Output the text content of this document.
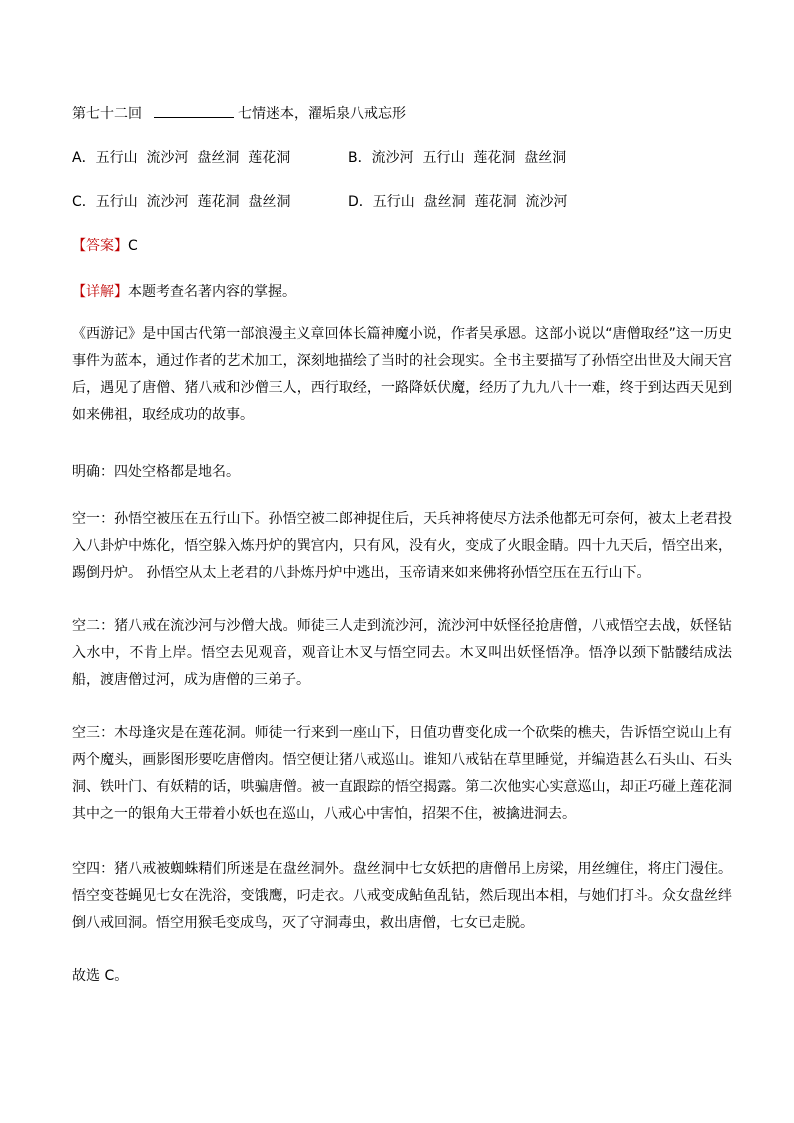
第七十二回	七情迷本，濯垢泉八戒忘形
A．五行山  流沙河  盘丝洞  莲花洞	B．流沙河  五行山  莲花洞  盘丝洞
C．五行山  流沙河  莲花洞  盘丝洞	D．五行山  盘丝洞  莲花洞  流沙河
【答案】C
【详解】本题考查名著内容的掌握。
《西游记》是中国古代第一部浪漫主义章回体长篇神魔小说，作者吴承恩。这部小说以“唐僧取经”这一历史事件为蓝本，通过作者的艺术加工，深刻地描绘了当时的社会现实。全书主要描写了孙悟空出世及大闹天宫后，遇见了唐僧、猪八戒和沙僧三人，西行取经，一路降妖伏魔，经历了九九八十一难，终于到达西天见到如来佛祖，取经成功的故事。
明确：四处空格都是地名。
空一：孙悟空被压在五行山下。孙悟空被二郎神捉住后，天兵神将使尽方法杀他都无可奈何，被太上老君投入八卦炉中炼化，悟空躲入炼丹炉的巽宫内，只有风，没有火，变成了火眼金睛。四十九天后，悟空出来，踢倒丹炉。 孙悟空从太上老君的八卦炼丹炉中逃出，玉帝请来如来佛将孙悟空压在五行山下。
空二：猪八戒在流沙河与沙僧大战。师徒三人走到流沙河，流沙河中妖怪径抢唐僧，八戒悟空去战，妖怪钻入水中，不肯上岸。悟空去见观音，观音让木叉与悟空同去。木叉叫出妖怪悟净。悟净以颈下骷髅结成法船，渡唐僧过河，成为唐僧的三弟子。
空三：木母逢灾是在莲花洞。师徒一行来到一座山下，日值功曹变化成一个砍柴的樵夫，告诉悟空说山上有两个魔头，画影图形要吃唐僧肉。悟空便让猪八戒巡山。谁知八戒钻在草里睡觉，并编造甚么石头山、石头洞、铁叶门、有妖精的话，哄骗唐僧。被一直跟踪的悟空揭露。第二次他实心实意巡山，却正巧碰上莲花洞其中之一的银角大王带着小妖也在巡山，八戒心中害怕，招架不住，被擒进洞去。
空四：猪八戒被蜘蛛精们所迷是在盘丝洞外。盘丝洞中七女妖把的唐僧吊上房梁，用丝缠住，将庄门漫住。悟空变苍蝇见七女在洗浴，变饿鹰，叼走衣。八戒变成鲇鱼乱钻，然后现出本相，与她们打斗。众女盘丝绊倒八戒回洞。悟空用猴毛变成鸟，灭了守洞毒虫，救出唐僧，七女已走脱。
故选 C。
